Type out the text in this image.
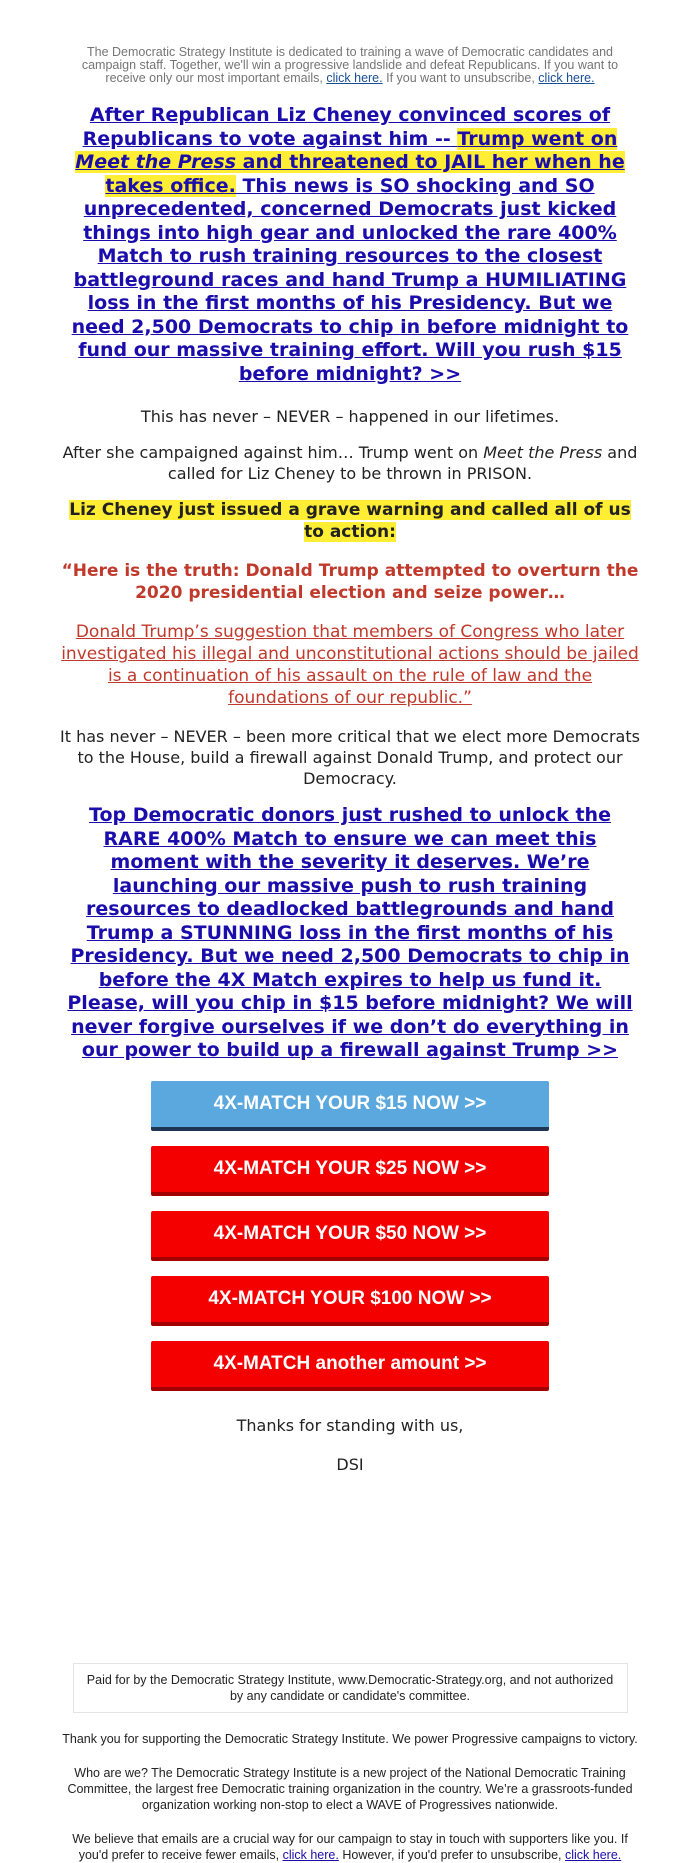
The Democratic Strategy Institute is dedicated to training a wave of Democratic candidates and campaign staff. Together, we'll win a progressive landslide and defeat Republicans. If you want to receive only our most important emails, click here. If you want to unsubscribe, click here.

After Republican Liz Cheney convinced scores of Republicans to vote against him -- Trump went on Meet the Press and threatened to JAIL her when he takes office. This news is SO shocking and SO unprecedented, concerned Democrats just kicked things into high gear and unlocked the rare 400% Match to rush training resources to the closest battleground races and hand Trump a HUMILIATING loss in the first months of his Presidency. But we need 2,500 Democrats to chip in before midnight to fund our massive training effort. Will you rush $15 before midnight? >>

This has never – NEVER – happened in our lifetimes.

After she campaigned against him… Trump went on Meet the Press and called for Liz Cheney to be thrown in PRISON.

Liz Cheney just issued a grave warning and called all of us to action:

“Here is the truth: Donald Trump attempted to overturn the 2020 presidential election and seize power…

Donald Trump’s suggestion that members of Congress who later investigated his illegal and unconstitutional actions should be jailed is a continuation of his assault on the rule of law and the foundations of our republic.”

It has never – NEVER – been more critical that we elect more Democrats to the House, build a firewall against Donald Trump, and protect our Democracy.

Top Democratic donors just rushed to unlock the RARE 400% Match to ensure we can meet this moment with the severity it deserves. We’re launching our massive push to rush training resources to deadlocked battlegrounds and hand Trump a STUNNING loss in the first months of his Presidency. But we need 2,500 Democrats to chip in before the 4X Match expires to help us fund it. Please, will you chip in $15 before midnight? We will never forgive ourselves if we don’t do everything in our power to build up a firewall against Trump >>

4X-MATCH YOUR $15 NOW >>
4X-MATCH YOUR $25 NOW >>
4X-MATCH YOUR $50 NOW >>
4X-MATCH YOUR $100 NOW >>
4X-MATCH another amount >>

Thanks for standing with us,

DSI

Paid for by the Democratic Strategy Institute, www.Democratic-Strategy.org, and not authorized by any candidate or candidate's committee.

Thank you for supporting the Democratic Strategy Institute. We power Progressive campaigns to victory.

Who are we? The Democratic Strategy Institute is a new project of the National Democratic Training Committee, the largest free Democratic training organization in the country. We’re a grassroots-funded organization working non-stop to elect a WAVE of Progressives nationwide.

We believe that emails are a crucial way for our campaign to stay in touch with supporters like you. If you'd prefer to receive fewer emails, click here. However, if you'd prefer to unsubscribe, click here.
